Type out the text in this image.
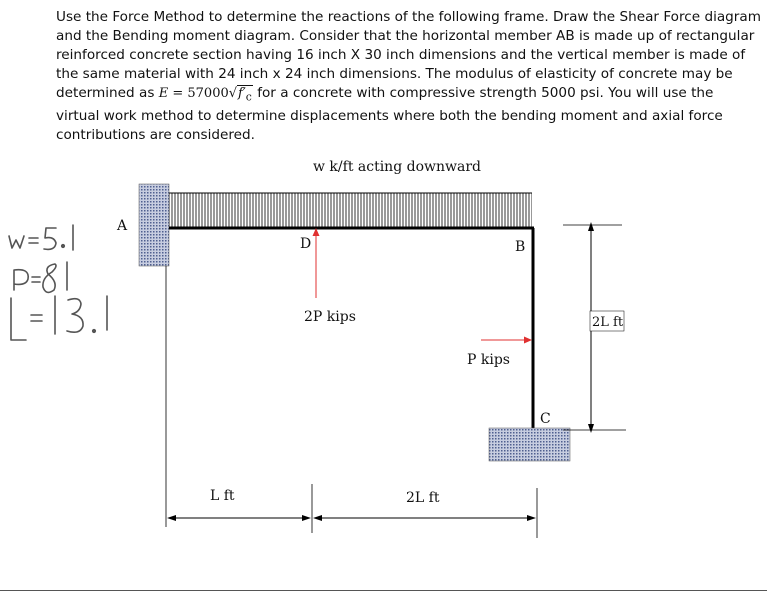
Use the Force Method to determine the reactions of the following frame. Draw the Shear Force diagram
and the Bending moment diagram. Consider that the horizontal member AB is made up of rectangular
reinforced concrete section having 16 inch X 30 inch dimensions and the vertical member is made of
the same material with 24 inch x 24 inch dimensions. The modulus of elasticity of concrete may be
determined as $E = 57000√f'_c$ for a concrete with compressive strength 5000 psi. You will use the
virtual work method to determine displacements where both the bending moment and axial force
contributions are considered.
w k/ft acting downward
A
D	B
C
2P kips
P kips
2L ft
L ft	2L ft
